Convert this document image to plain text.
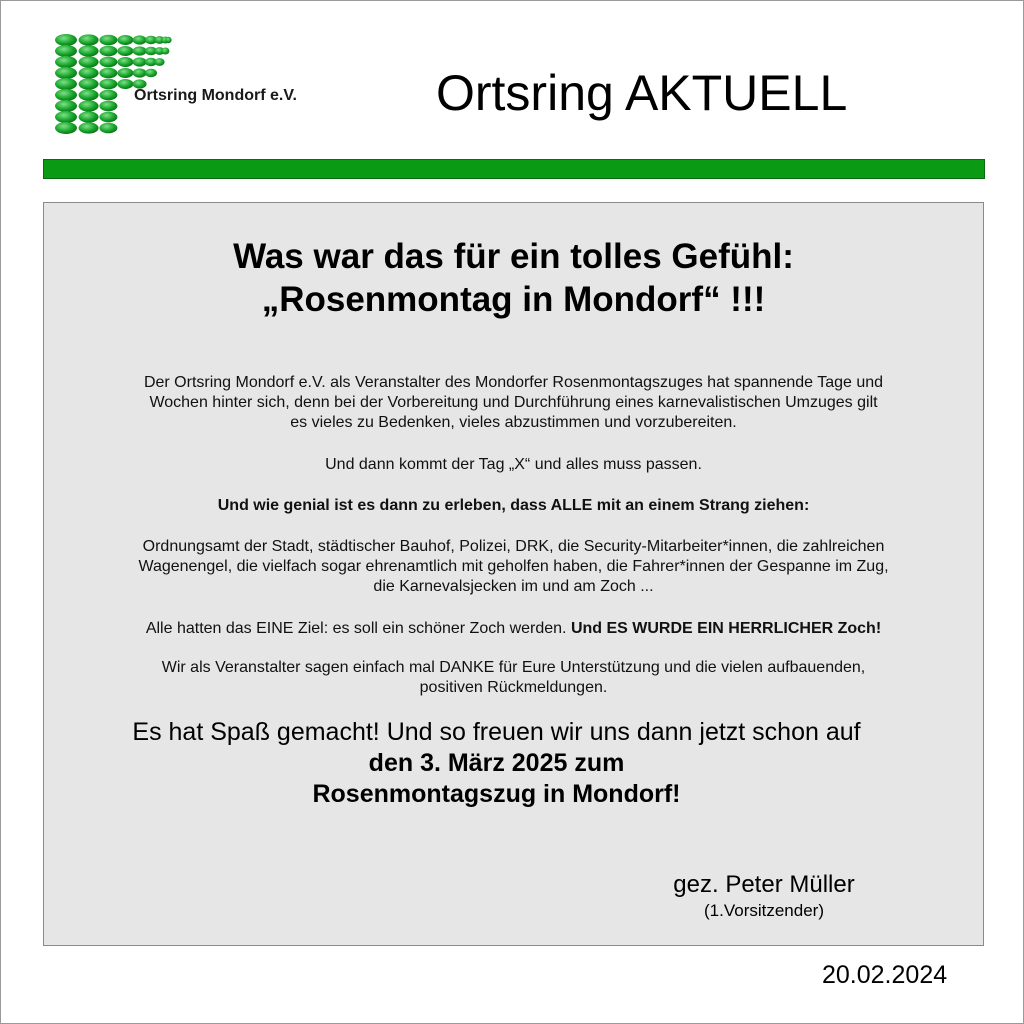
Ortsring Mondorf e.V.	Ortsring AKTUELL
Was war das für ein tolles Gefühl:
„Rosenmontag in Mondorf“ !!!
Der Ortsring Mondorf e.V. als Veranstalter des Mondorfer Rosenmontagszuges hat spannende Tage und
Wochen hinter sich, denn bei der Vorbereitung und Durchführung eines karnevalistischen Umzuges gilt
es vieles zu Bedenken, vieles abzustimmen und vorzubereiten.
Und dann kommt der Tag „X“ und alles muss passen.
Und wie genial ist es dann zu erleben, dass ALLE mit an einem Strang ziehen:
Ordnungsamt der Stadt, städtischer Bauhof, Polizei, DRK, die Security-Mitarbeiter*innen, die zahlreichen
Wagenengel, die vielfach sogar ehrenamtlich mit geholfen haben, die Fahrer*innen der Gespanne im Zug,
die Karnevalsjecken im und am Zoch ...
Alle hatten das EINE Ziel: es soll ein schöner Zoch werden. Und ES WURDE EIN HERRLICHER Zoch!
Wir als Veranstalter sagen einfach mal DANKE für Eure Unterstützung und die vielen aufbauenden,
positiven Rückmeldungen.
Es hat Spaß gemacht! Und so freuen wir uns dann jetzt schon auf
den 3. März 2025 zum
Rosenmontagszug in Mondorf!
gez. Peter Müller
(1.Vorsitzender)
20.02.2024
